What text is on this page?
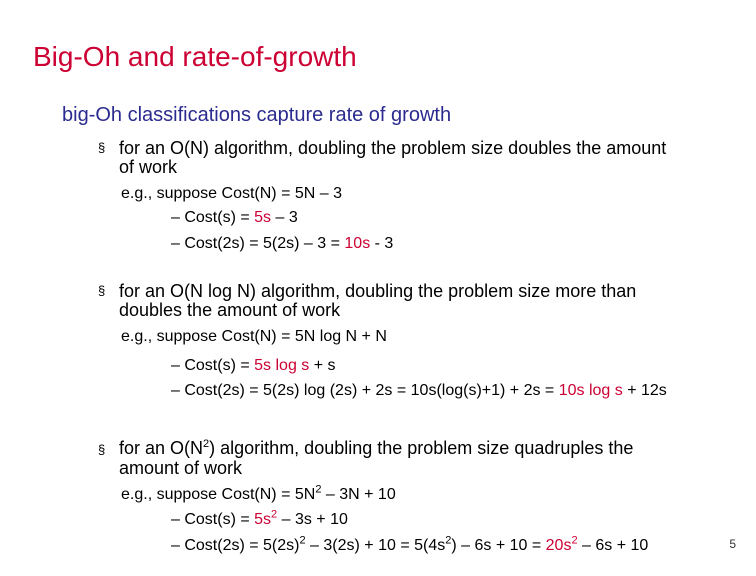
Big-Oh and rate-of-growth
big-Oh classifications capture rate of growth
§ for an O(N) algorithm, doubling the problem size doubles the amount
of work
e.g., suppose Cost(N) = 5N – 3
– Cost(s) = 5s – 3
– Cost(2s) = 5(2s) – 3 = 10s - 3
§ for an O(N log N) algorithm, doubling the problem size more than
doubles the amount of work
e.g., suppose Cost(N) = 5N log N + N
– Cost(s) = 5s log s + s
– Cost(2s) = 5(2s) log (2s) + 2s = 10s(log(s)+1) + 2s = 10s log s + 12s
§ for an $O(N^2)$ algorithm, doubling the problem size quadruples the
amount of work
e.g., suppose Cost(N) = $5N^2 - 3N + 10$
– Cost(s) = $5s^2 - 3s + 10$
– Cost(2s) = $5(2s)^2 - 3(2s) + 10 = 5(4s^2) - 6s + 10 = 20s^2 - 6s + 10$	5
